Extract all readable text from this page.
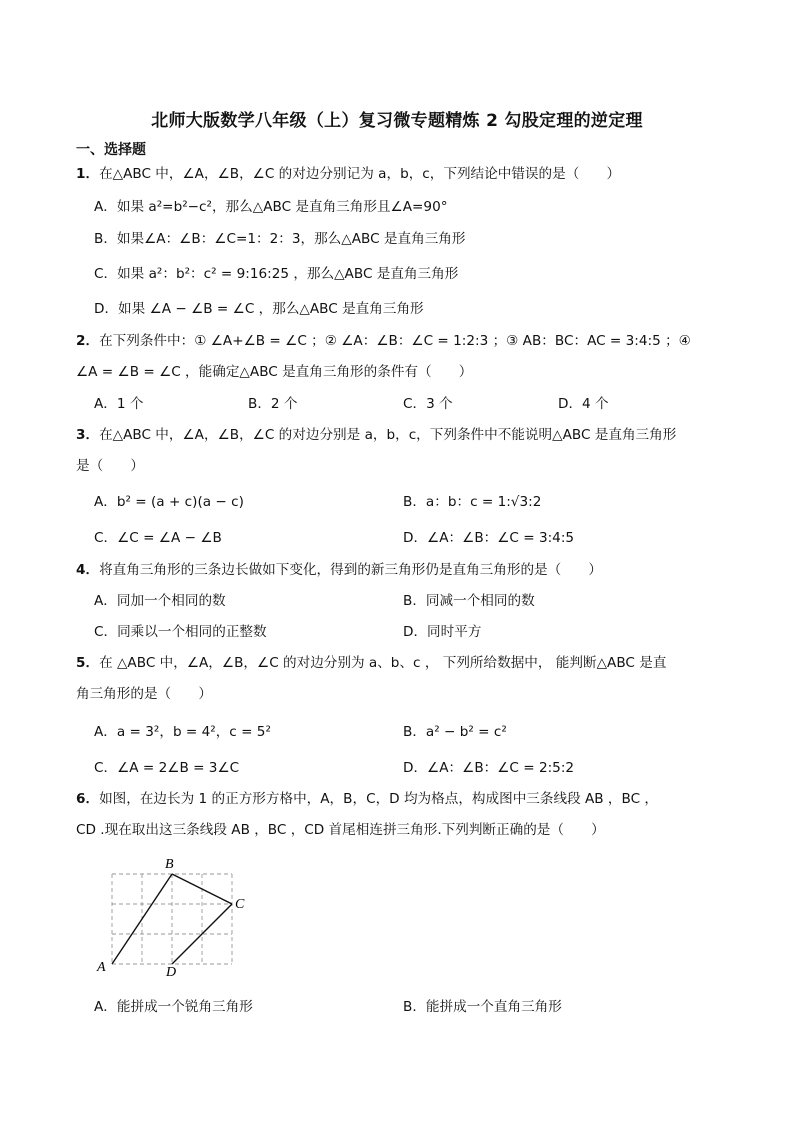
北师大版数学八年级（上）复习微专题精炼 2 勾股定理的逆定理
一、选择题
1．在△ABC 中，∠A，∠B，∠C 的对边分别记为 a，b，c，下列结论中错误的是（　　）
A．如果 a²=b²−c²，那么△ABC 是直角三角形且∠A=90°
B．如果∠A：∠B：∠C=1：2：3，那么△ABC 是直角三角形
C．如果 a²：b²：c² = 9:16:25 ，那么△ABC 是直角三角形
D．如果 ∠A − ∠B = ∠C ，那么△ABC 是直角三角形
2．在下列条件中：① ∠A+∠B = ∠C ；② ∠A：∠B：∠C = 1:2:3 ；③ AB：BC：AC = 3:4:5 ；④
∠A = ∠B = ∠C ，能确定△ABC 是直角三角形的条件有（　　）
A．1 个	B．2 个	C．3 个	D．4 个
3．在△ABC 中，∠A，∠B，∠C 的对边分别是 a，b，c，下列条件中不能说明△ABC 是直角三角形
是（　　）
A．b² = (a + c)(a − c)	B．a：b：c = 1:√3:2
C．∠C = ∠A − ∠B	D．∠A：∠B：∠C = 3:4:5
4．将直角三角形的三条边长做如下变化，得到的新三角形仍是直角三角形的是（　　）
A．同加一个相同的数	B．同减一个相同的数
C．同乘以一个相同的正整数	D．同时平方
5．在 △ABC 中，∠A，∠B，∠C 的对边分别为 a、b、c ， 下列所给数据中， 能判断△ABC 是直
角三角形的是（　　）
A．a = 3²，b = 4²，c = 5²	B．a² − b² = c²
C．∠A = 2∠B = 3∠C	D．∠A：∠B：∠C = 2:5:2
6．如图，在边长为 1 的正方形方格中，A，B，C，D 均为格点，构成图中三条线段 AB ，BC ，
CD .现在取出这三条线段 AB ，BC ，CD 首尾相连拼三角形.下列判断正确的是（　　）
A
B
C
D
A．能拼成一个锐角三角形	B．能拼成一个直角三角形
